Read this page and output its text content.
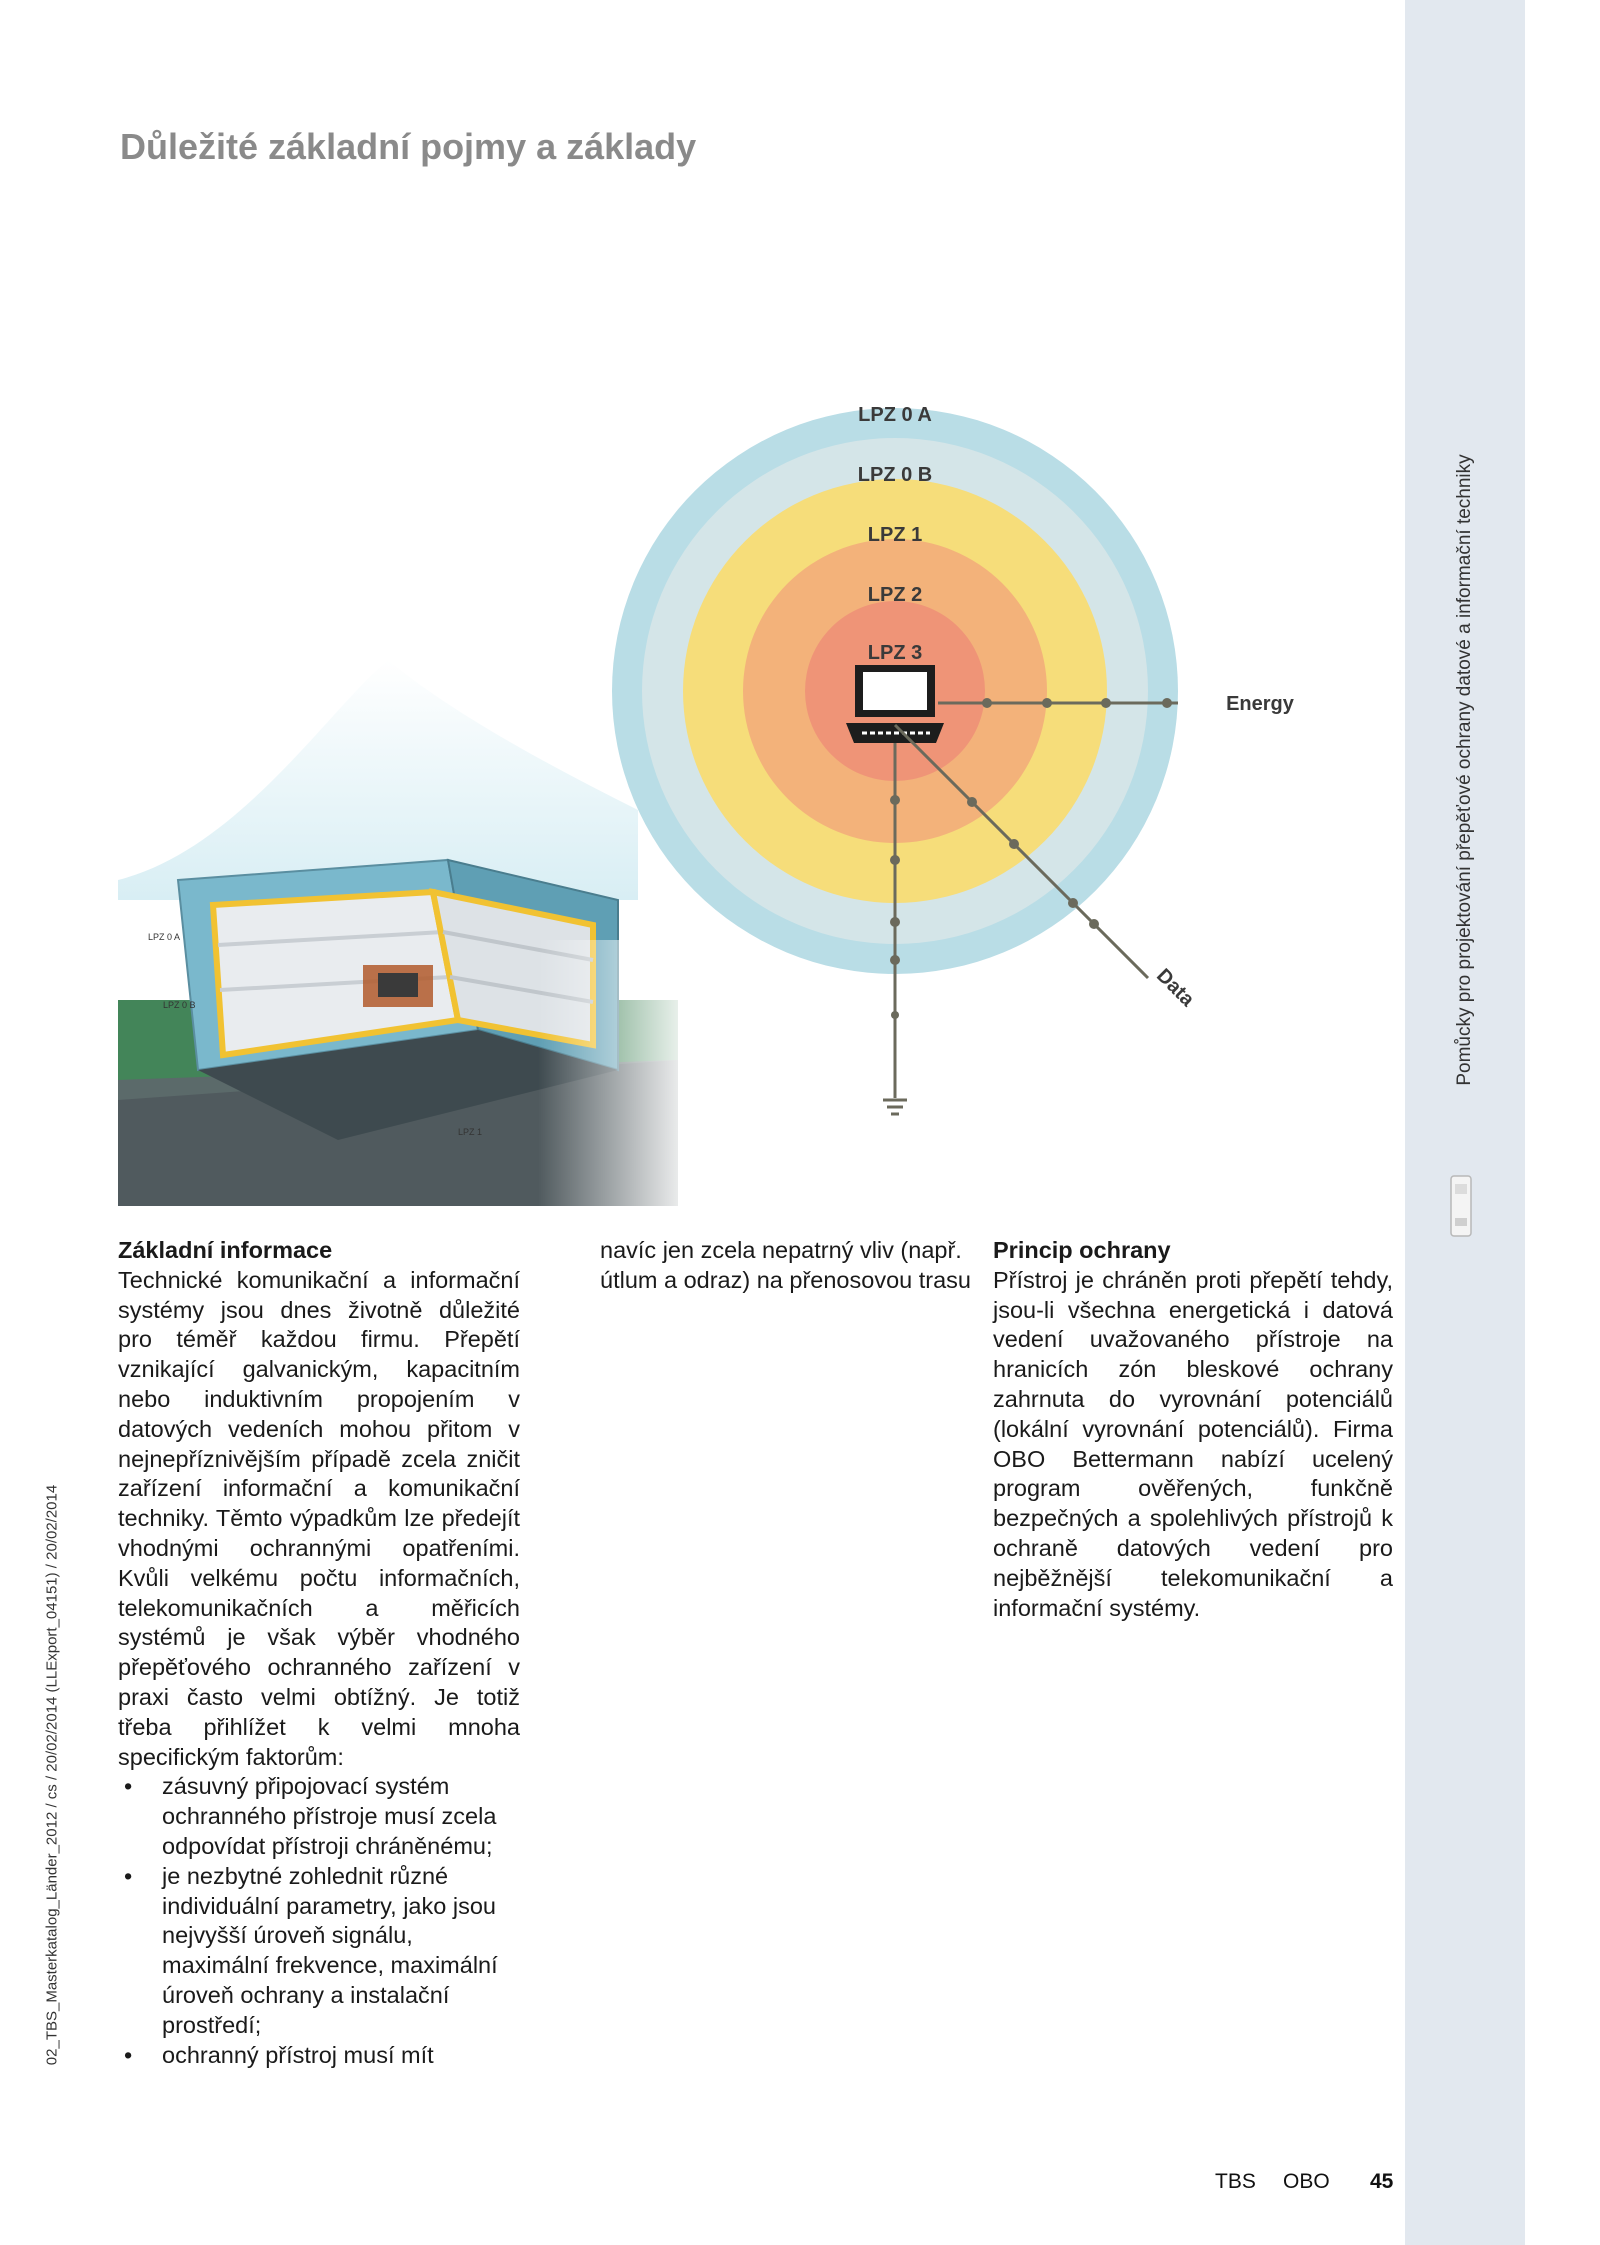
Důležité základní pojmy a základy
Pomůcky pro projektování přepěťové ochrany datové a informační techniky
02_TBS_Masterkatalog_Länder_2012 / cs / 20/02/2014 (LLExport_04151) / 20/02/2014
LPZ 0 A
LPZ 0 B
LPZ 1
LPZ 0 A
LPZ 0 B
LPZ 1
LPZ 2
LPZ 3
Energy
Data
Základní informace

Technické komunikační a informační systémy jsou dnes životně důležité pro téměř každou firmu. Přepětí vznikající galvanickým, kapacitním nebo induktivním propojením v datových vedeních mohou přitom v nejnepříznivějším případě zcela zničit zařízení informační a komunikační techniky. Těmto výpadkům lze předejít vhodnými ochrannými opatřeními. Kvůli velkému počtu informačních, telekomunikačních a měřicích systémů je však výběr vhodného přepěťového ochranného zařízení v praxi často velmi obtížný. Je totiž třeba přihlížet k velmi mnoha specifickým faktorům:

• zásuvný připojovací systém ochranného přístroje musí zcela odpovídat přístroji chráněnému;
• je nezbytné zohlednit různé individuální parametry, jako jsou nejvyšší úroveň signálu, maximální frekvence, maximální úroveň ochrany a instalační prostředí;
• ochranný přístroj musí mít

navíc jen zcela nepatrný vliv (např. útlum a odraz) na přenosovou trasu

Princip ochrany

Přístroj je chráněn proti přepětí tehdy, jsou-li všechna energetická i datová vedení uvažovaného přístroje na hranicích zón bleskové ochrany zahrnuta do vyrovnání potenciálů (lokální vyrovnání potenciálů). Firma OBO Bettermann nabízí ucelený program ověřených, funkčně bezpečných a spolehlivých přístrojů k ochraně datových vedení pro nejběžnější telekomunikační a informační systémy.

TBS OBO 45
